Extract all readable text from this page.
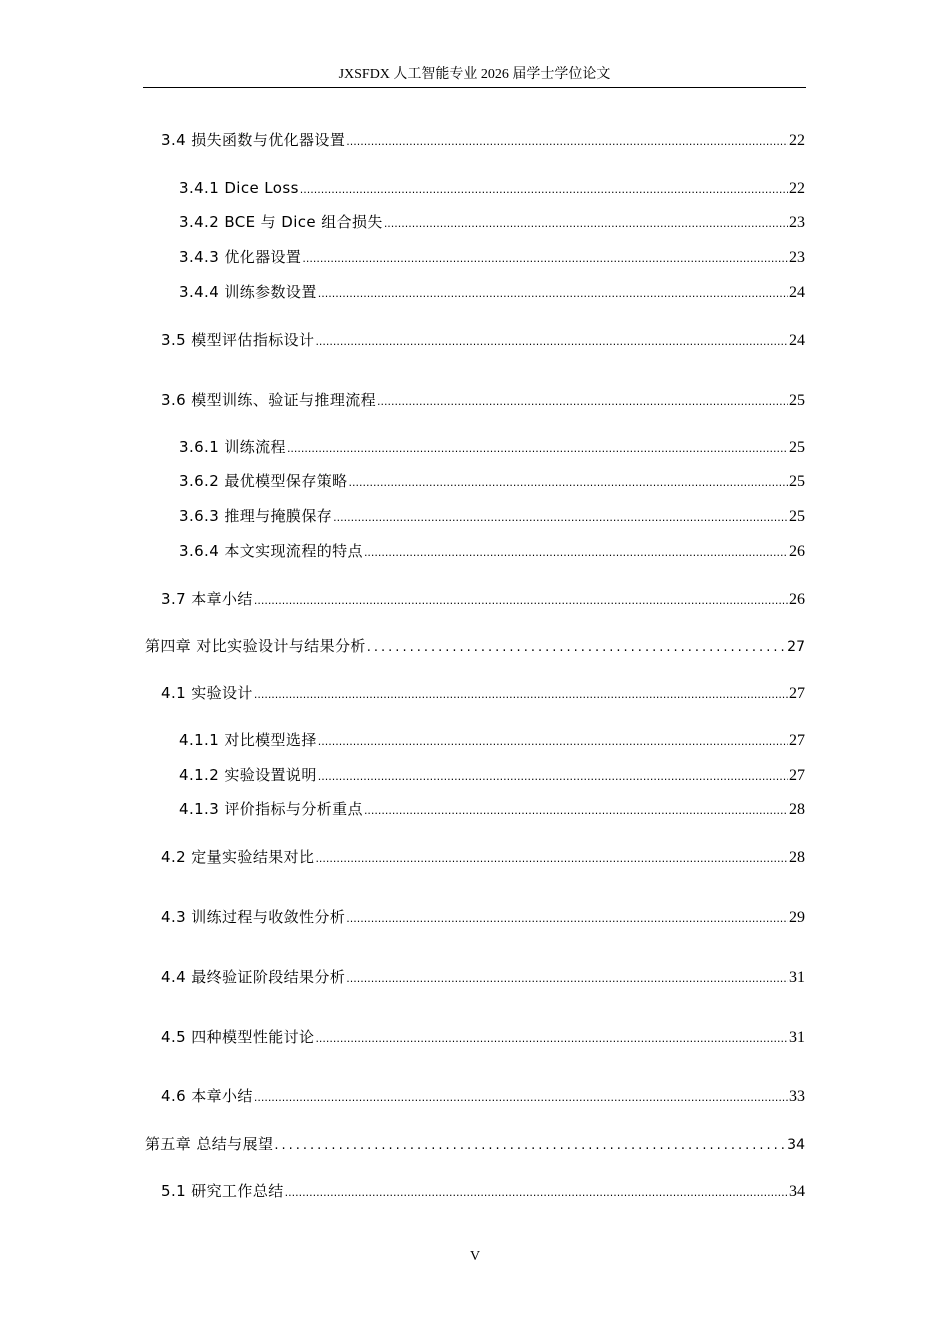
JXSFDX 人工智能专业 2026 届学士学位论文
3.4 损失函数与优化器设置 .....	22
3.4.1 Dice Loss .....	22
3.4.2 BCE 与 Dice 组合损失 .....	23
3.4.3 优化器设置 .....	23
3.4.4 训练参数设置 .....	24
3.5 模型评估指标设计 .....	24
3.6 模型训练、验证与推理流程 .....	25
3.6.1 训练流程 .....	25
3.6.2 最优模型保存策略 .....	25
3.6.3 推理与掩膜保存 .....	25
3.6.4 本文实现流程的特点 .....	26
3.7 本章小结 .....	26
第四章 对比实验设计与结果分析 .....	27
4.1 实验设计 .....	27
4.1.1 对比模型选择 .....	27
4.1.2 实验设置说明 .....	27
4.1.3 评价指标与分析重点 .....	28
4.2 定量实验结果对比 .....	28
4.3 训练过程与收敛性分析 .....	29
4.4 最终验证阶段结果分析 .....	31
4.5 四种模型性能讨论 .....	31
4.6 本章小结 .....	33
第五章 总结与展望 .....	34
5.1 研究工作总结 .....	34
V
